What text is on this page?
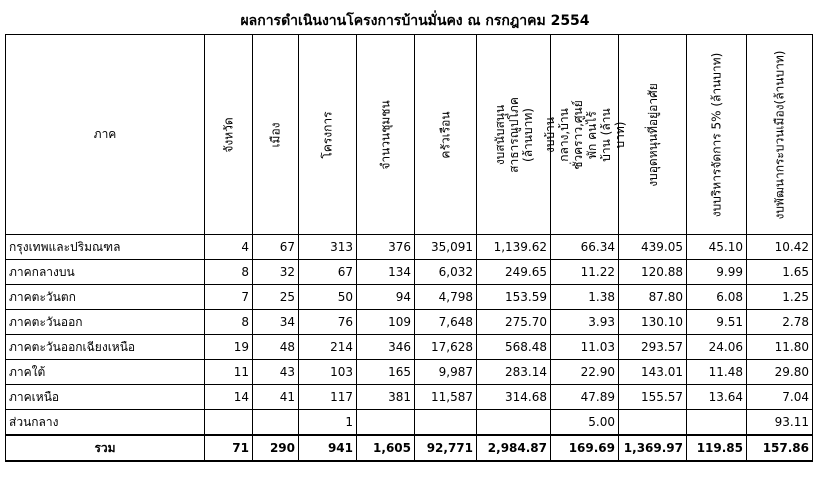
ผลการดำเนินงานโครงการบ้านมั่นคง ณ กรกฎาคม 2554
ภาค	จังหวัด	เมือง	โครงการ	จำนวนชุมชน	ครัวเรือน	งบสนับสนุนสาธารณูปโภค (ล้านบาท)	งบบ้านกลาง,บ้านชั่วคราว,ศูนย์พัก คนไร้บ้าน (ล้านบาท)	งบอุดหนุนที่อยู่อาศัย	งบบริหารจัดการ 5% (ล้านบาท)	งบพัฒนากระบวนเมือง(ล้านบาท)

กรุงเทพและปริมณฑล	4	67	313	376	35,091	1,139.62	66.34	439.05	45.10	10.42
ภาคกลางบน	8	32	67	134	6,032	249.65	11.22	120.88	9.99	1.65
ภาคตะวันตก	7	25	50	94	4,798	153.59	1.38	87.80	6.08	1.25
ภาคตะวันออก	8	34	76	109	7,648	275.70	3.93	130.10	9.51	2.78
ภาคตะวันออกเฉียงเหนือ	19	48	214	346	17,628	568.48	11.03	293.57	24.06	11.80
ภาคใต้	11	43	103	165	9,987	283.14	22.90	143.01	11.48	29.80
ภาคเหนือ	14	41	117	381	11,587	314.68	47.89	155.57	13.64	7.04
ส่วนกลาง			1				5.00			93.11
รวม	71	290	941	1,605	92,771	2,984.87	169.69	1,369.97	119.85	157.86
